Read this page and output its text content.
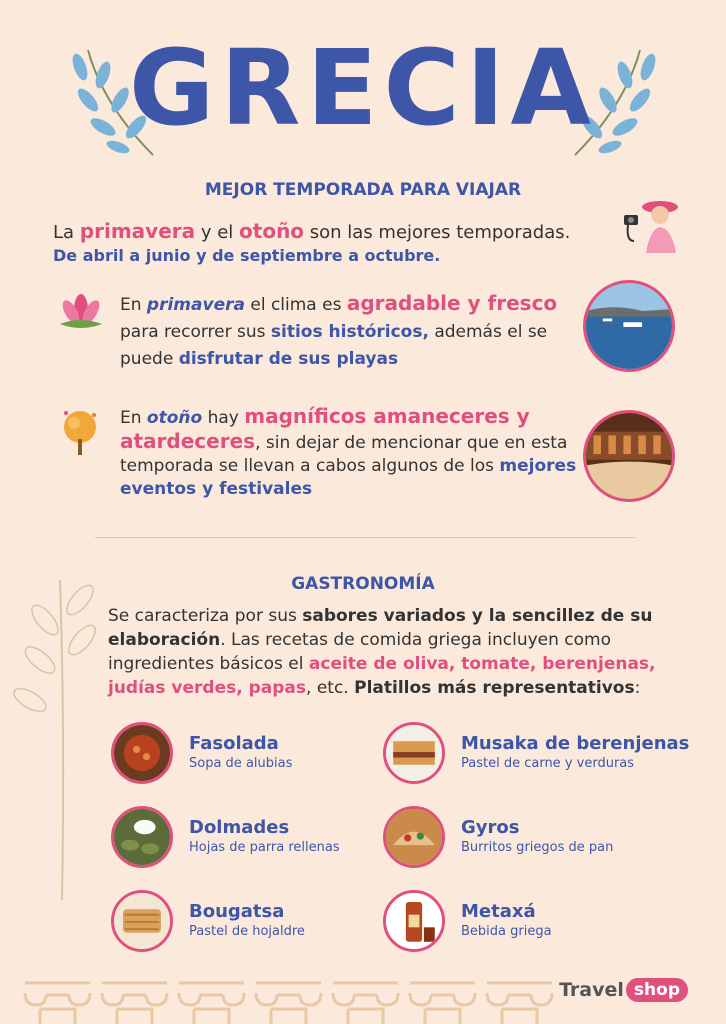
GRECIA
MEJOR TEMPORADA PARA VIAJAR
La primavera y el otoño son las mejores temporadas.
De abril a junio y de septiembre a octubre.
En primavera el clima es agradable y fresco para recorrer sus sitios históricos, además el se puede disfrutar de sus playas
En otoño hay magníficos amaneceres y atardeceres, sin dejar de mencionar que en esta temporada se llevan a cabos algunos de los mejores eventos y festivales
GASTRONOMÍA
Se caracteriza por sus sabores variados y la sencillez de su elaboración. Las recetas de comida griega incluyen como ingredientes básicos el aceite de oliva, tomate, berenjenas, judías verdes, papas, etc. Platillos más representativos:
Fasolada
Sopa de alubias
Musaka de berenjenas
Pastel de carne y verduras
Dolmades
Hojas de parra rellenas
Gyros
Burritos griegos de pan
Bougatsa
Pastel de hojaldre
Metaxá
Bebida griega
Travel shop
